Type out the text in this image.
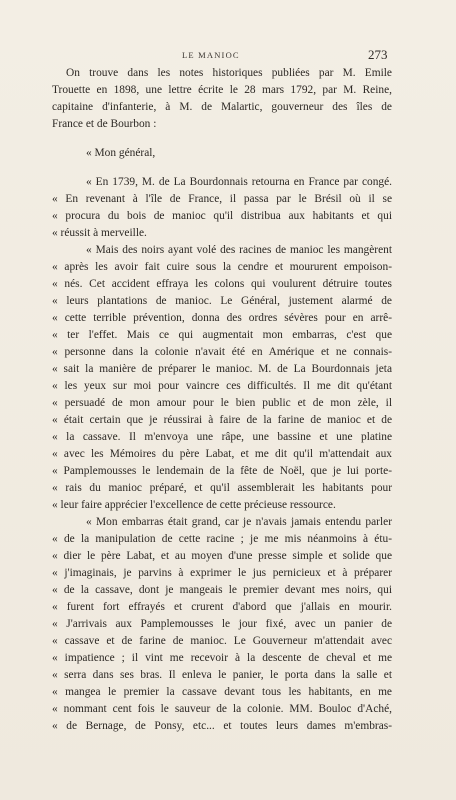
LE MANIOC	273
On trouve dans les notes historiques publiées par M. Emile
Trouette en 1898, une lettre écrite le 28 mars 1792, par M. Reine,
capitaine d'infanterie, à M. de Malartic, gouverneur des îles de
France et de Bourbon :
« Mon général,
« En 1739, M. de La Bourdonnais retourna en France par congé.
« En revenant à l'île de France, il passa par le Brésil où il se
« procura du bois de manioc qu'il distribua aux habitants et qui
« réussit à merveille.
« Mais des noirs ayant volé des racines de manioc les mangèrent
« après les avoir fait cuire sous la cendre et moururent empoison-
« nés. Cet accident effraya les colons qui voulurent détruire toutes
« leurs plantations de manioc. Le Général, justement alarmé de
« cette terrible prévention, donna des ordres sévères pour en arrê-
« ter l'effet. Mais ce qui augmentait mon embarras, c'est que
« personne dans la colonie n'avait été en Amérique et ne connais-
« sait la manière de préparer le manioc. M. de La Bourdonnais jeta
« les yeux sur moi pour vaincre ces difficultés. Il me dit qu'étant
« persuadé de mon amour pour le bien public et de mon zèle, il
« était certain que je réussirai à faire de la farine de manioc et de
« la cassave. Il m'envoya une râpe, une bassine et une platine
« avec les Mémoires du père Labat, et me dit qu'il m'attendait aux
« Pamplemousses le lendemain de la fête de Noël, que je lui porte-
« rais du manioc préparé, et qu'il assemblerait les habitants pour
« leur faire apprécier l'excellence de cette précieuse ressource.
« Mon embarras était grand, car je n'avais jamais entendu parler
« de la manipulation de cette racine ; je me mis néanmoins à étu-
« dier le père Labat, et au moyen d'une presse simple et solide que
« j'imaginais, je parvins à exprimer le jus pernicieux et à préparer
« de la cassave, dont je mangeais le premier devant mes noirs, qui
« furent fort effrayés et crurent d'abord que j'allais en mourir.
« J'arrivais aux Pamplemousses le jour fixé, avec un panier de
« cassave et de farine de manioc. Le Gouverneur m'attendait avec
« impatience ; il vint me recevoir à la descente de cheval et me
« serra dans ses bras. Il enleva le panier, le porta dans la salle et
« mangea le premier la cassave devant tous les habitants, en me
« nommant cent fois le sauveur de la colonie. MM. Bouloc d'Aché,
« de Bernage, de Ponsy, etc... et toutes leurs dames m'embras-
